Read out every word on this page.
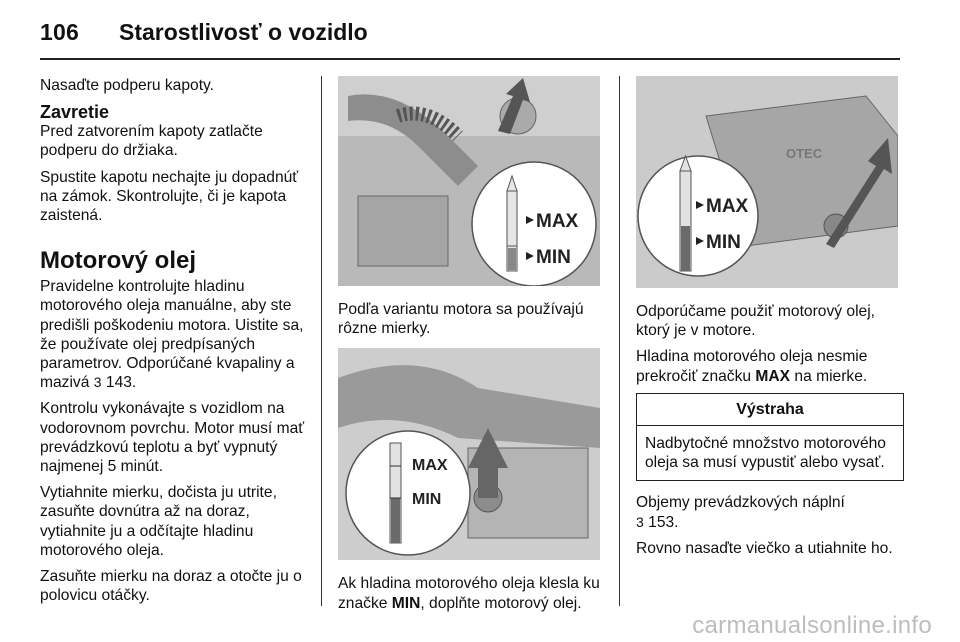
106 Starostlivosť o vozidlo

Nasaďte podperu kapoty.

Zavretie

Pred zatvorením kapoty zatlačte podperu do držiaka.

Spustite kapotu nechajte ju dopadnúť na zámok. Skontrolujte, či je kapota zaistená.

Motorový olej

Pravidelne kontrolujte hladinu motorového oleja manuálne, aby ste predišli poškodeniu motora. Uistite sa, že používate olej predpísaných parametrov. Odporúčané kvapaliny a mazivá 3 143.

Kontrolu vykonávajte s vozidlom na vodorovnom povrchu. Motor musí mať prevádzkovú teplotu a byť vypnutý najmenej 5 minút.

Vytiahnite mierku, dočista ju utrite, zasuňte dovnútra až na doraz, vytiahnite ju a odčítajte hladinu motorového oleja.

Zasuňte mierku na doraz a otočte ju o polovicu otáčky.

MAX
MIN

Podľa variantu motora sa používajú rôzne mierky.

MAX
MIN

Ak hladina motorového oleja klesla ku značke MIN, doplňte motorový olej.

OTEC
MAX
MIN

Odporúčame použiť motorový olej, ktorý je v motore.

Hladina motorového oleja nesmie prekročiť značku MAX na mierke.

Výstraha
Nadbytočné množstvo motorového oleja sa musí vypustiť alebo vysať.

Objemy prevádzkových náplní
3 153.

Rovno nasaďte viečko a utiahnite ho.

carmanualsonline.info
